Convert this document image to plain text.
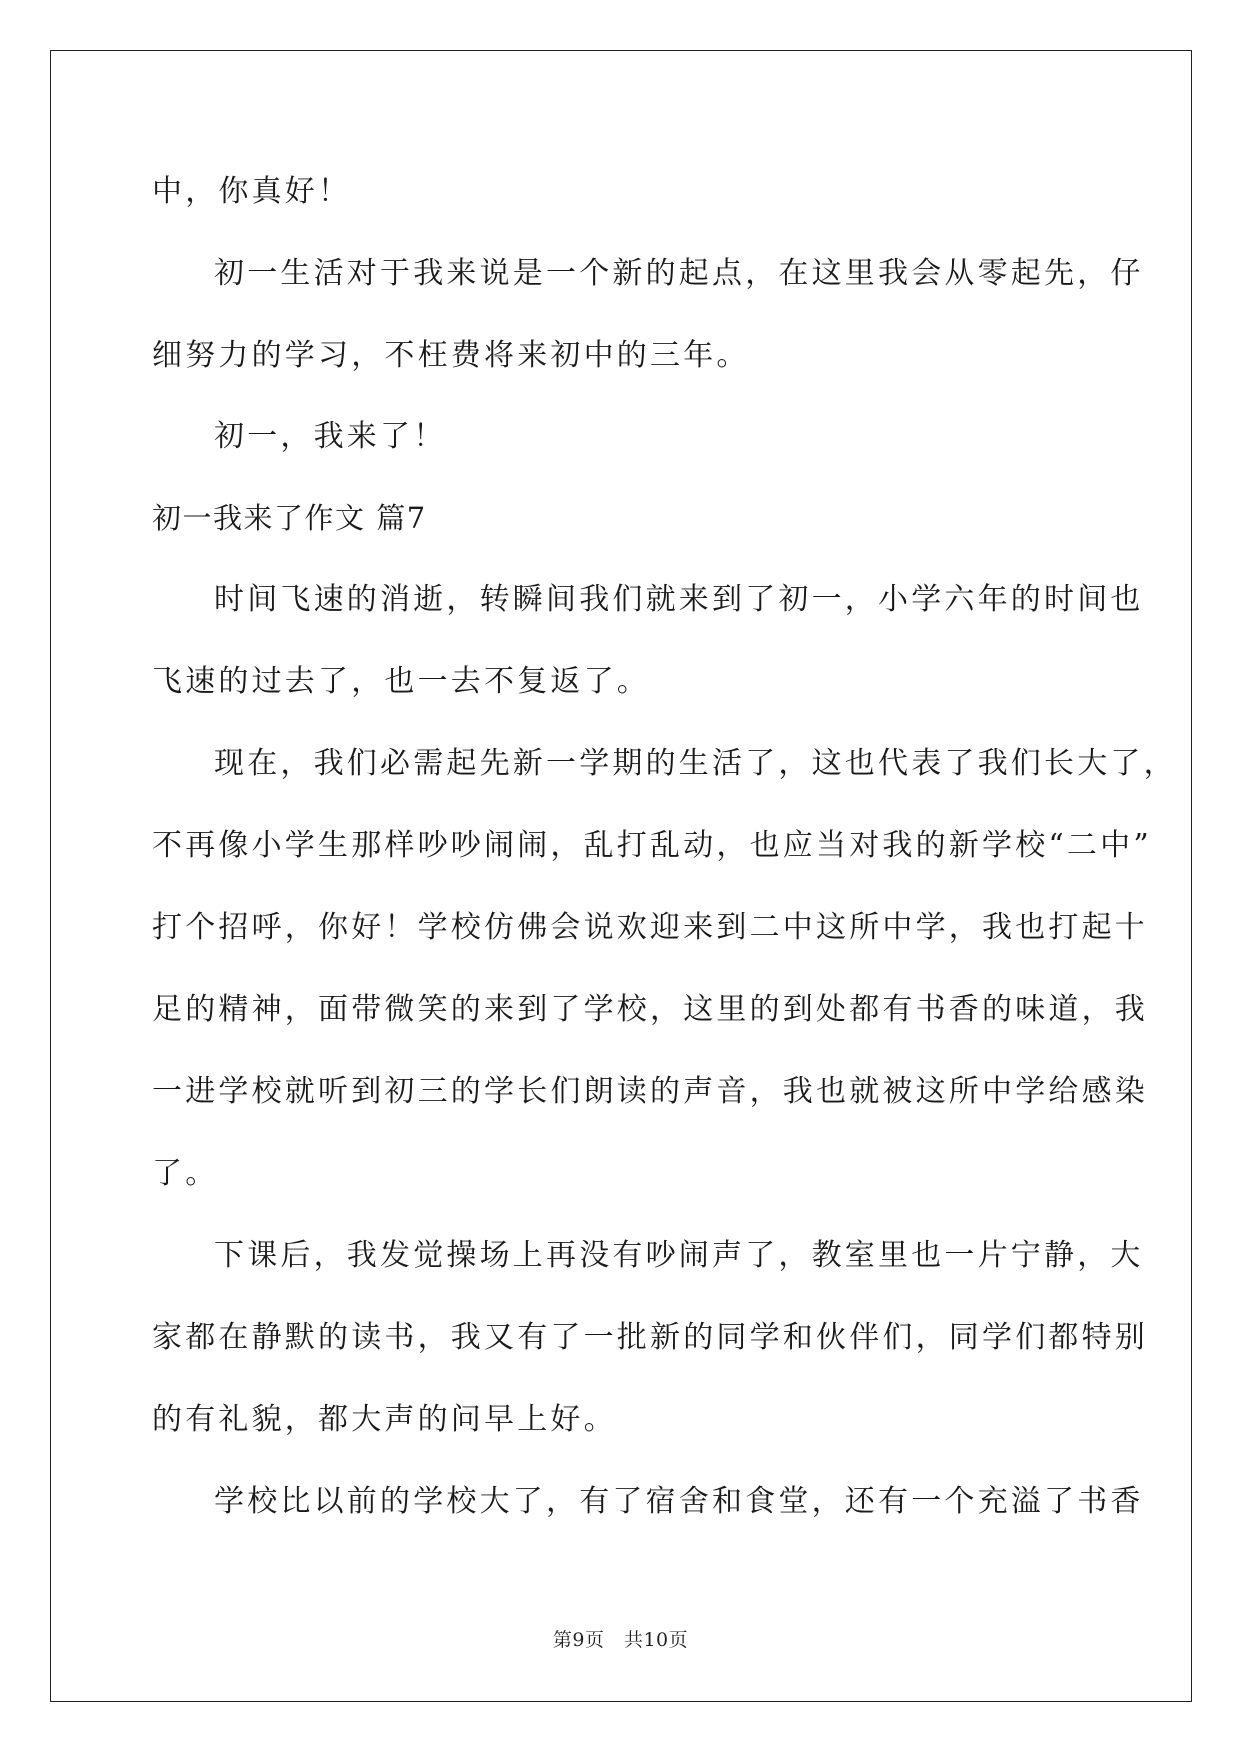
中，你真好！
初一生活对于我来说是一个新的起点，在这里我会从零起先，仔
细努力的学习，不枉费将来初中的三年。
初一，我来了！
初一我来了作文 篇7
时间飞速的消逝，转瞬间我们就来到了初一，小学六年的时间也
飞速的过去了，也一去不复返了。
现在，我们必需起先新一学期的生活了，这也代表了我们长大了，
不再像小学生那样吵吵闹闹，乱打乱动，也应当对我的新学校“二中”
打个招呼，你好！学校仿佛会说欢迎来到二中这所中学，我也打起十
足的精神，面带微笑的来到了学校，这里的到处都有书香的味道，我
一进学校就听到初三的学长们朗读的声音，我也就被这所中学给感染
了。
下课后，我发觉操场上再没有吵闹声了，教室里也一片宁静，大
家都在静默的读书，我又有了一批新的同学和伙伴们，同学们都特别
的有礼貌，都大声的问早上好。
学校比以前的学校大了，有了宿舍和食堂，还有一个充溢了书香
第9页　共10页
